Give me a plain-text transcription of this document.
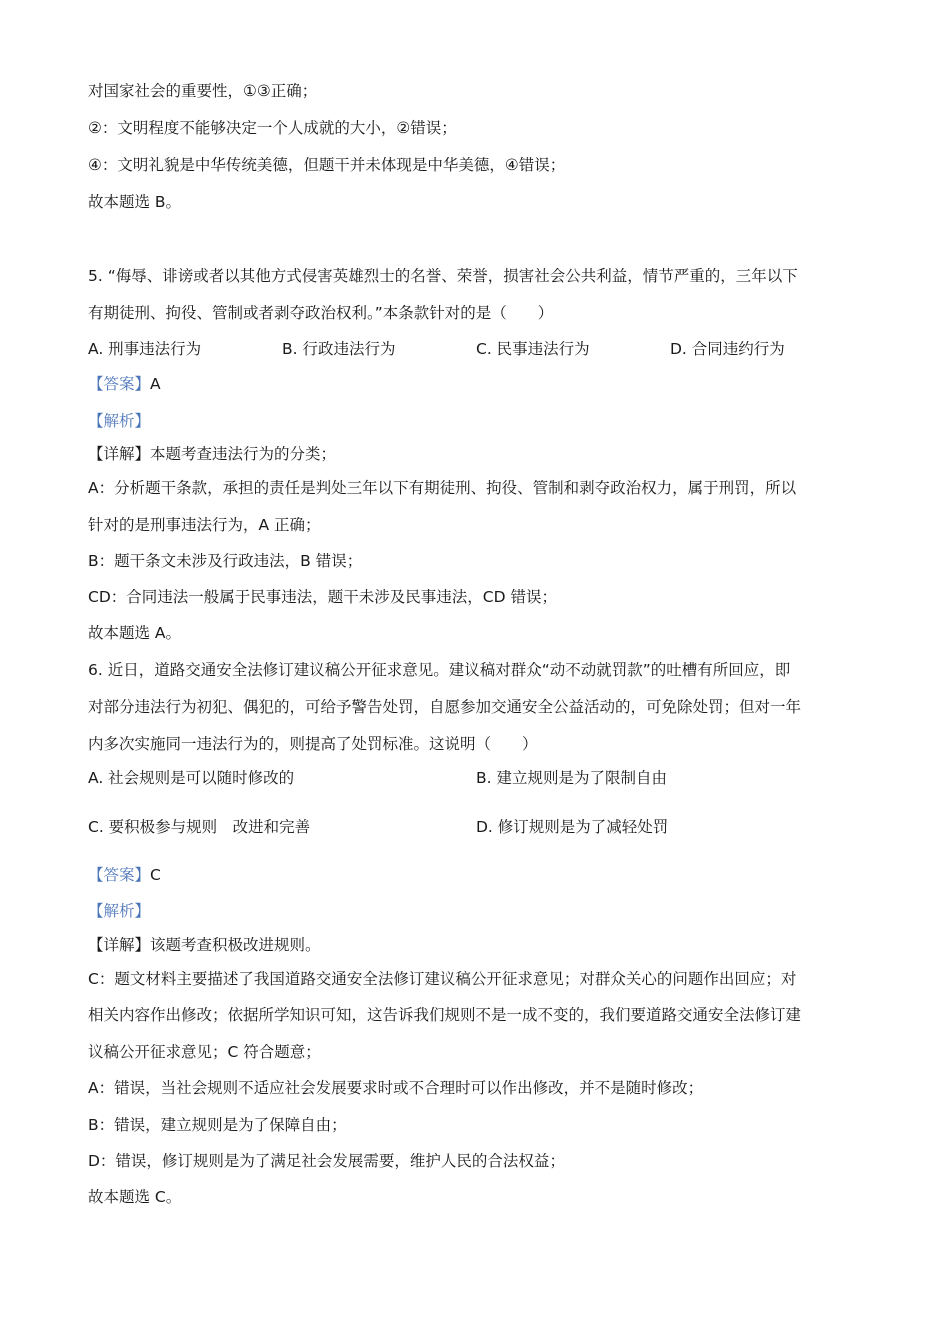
对国家社会的重要性，①③正确；
②：文明程度不能够决定一个人成就的大小，②错误；
④：文明礼貌是中华传统美德，但题干并未体现是中华美德，④错误；
故本题选 B。
5. “侮辱、诽谤或者以其他方式侵害英雄烈士的名誉、荣誉，损害社会公共利益，情节严重的，三年以下
有期徒刑、拘役、管制或者剥夺政治权利。”本条款针对的是（　　）
A. 刑事违法行为	B. 行政违法行为	C. 民事违法行为	D. 合同违约行为
【答案】A
【解析】
【详解】本题考查违法行为的分类；
A：分析题干条款，承担的责任是判处三年以下有期徒刑、拘役、管制和剥夺政治权力，属于刑罚，所以
针对的是刑事违法行为，A 正确；
B：题干条文未涉及行政违法，B 错误；
CD：合同违法一般属于民事违法，题干未涉及民事违法，CD 错误；
故本题选 A。
6. 近日，道路交通安全法修订建议稿公开征求意见。建议稿对群众“动不动就罚款”的吐槽有所回应，即
对部分违法行为初犯、偶犯的，可给予警告处罚，自愿参加交通安全公益活动的，可免除处罚；但对一年
内多次实施同一违法行为的，则提高了处罚标准。这说明（　　）
A. 社会规则是可以随时修改的	B. 建立规则是为了限制自由
C. 要积极参与规则　改进和完善	D. 修订规则是为了减轻处罚
【答案】C
【解析】
【详解】该题考查积极改进规则。
C：题文材料主要描述了我国道路交通安全法修订建议稿公开征求意见；对群众关心的问题作出回应；对
相关内容作出修改；依据所学知识可知，这告诉我们规则不是一成不变的，我们要道路交通安全法修订建
议稿公开征求意见；C 符合题意；
A：错误，当社会规则不适应社会发展要求时或不合理时可以作出修改，并不是随时修改；
B：错误，建立规则是为了保障自由；
D：错误，修订规则是为了满足社会发展需要，维护人民的合法权益；
故本题选 C。
